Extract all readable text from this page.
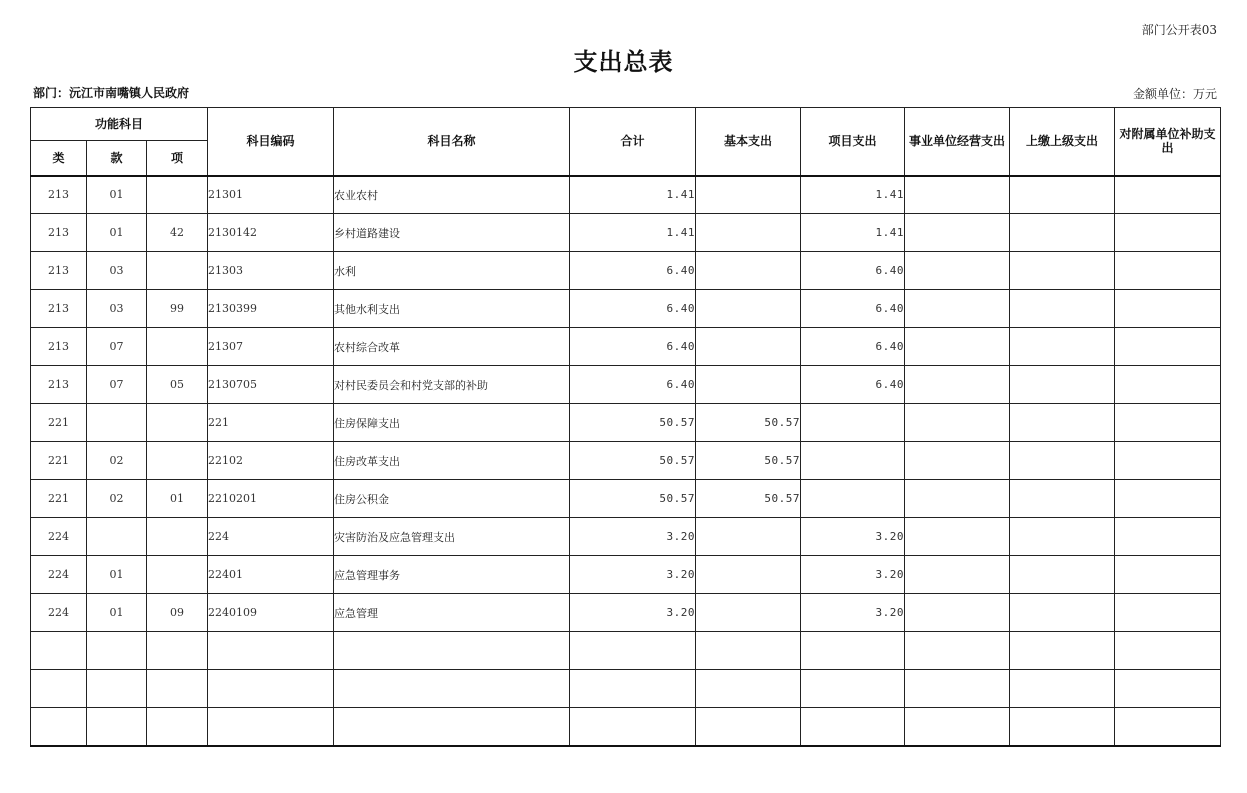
部门公开表03
支出总表
部门：沅江市南嘴镇人民政府	金额单位：万元
功能科目			科目编码	科目名称	合计	基本支出	项目支出	事业单位经营支出	上缴上级支出	对附属单位补助支出
类	款	项								
213	01		21301	农业农村	1.41		1.41			
213	01	42	2130142	乡村道路建设	1.41		1.41			
213	03		21303	水利	6.40		6.40			
213	03	99	2130399	其他水利支出	6.40		6.40			
213	07		21307	农村综合改革	6.40		6.40			
213	07	05	2130705	对村民委员会和村党支部的补助	6.40		6.40			
221			221	住房保障支出	50.57	50.57				
221	02		22102	住房改革支出	50.57	50.57				
221	02	01	2210201	住房公积金	50.57	50.57				
224			224	灾害防治及应急管理支出	3.20		3.20			
224	01		22401	应急管理事务	3.20		3.20			
224	01	09	2240109	应急管理	3.20		3.20			
